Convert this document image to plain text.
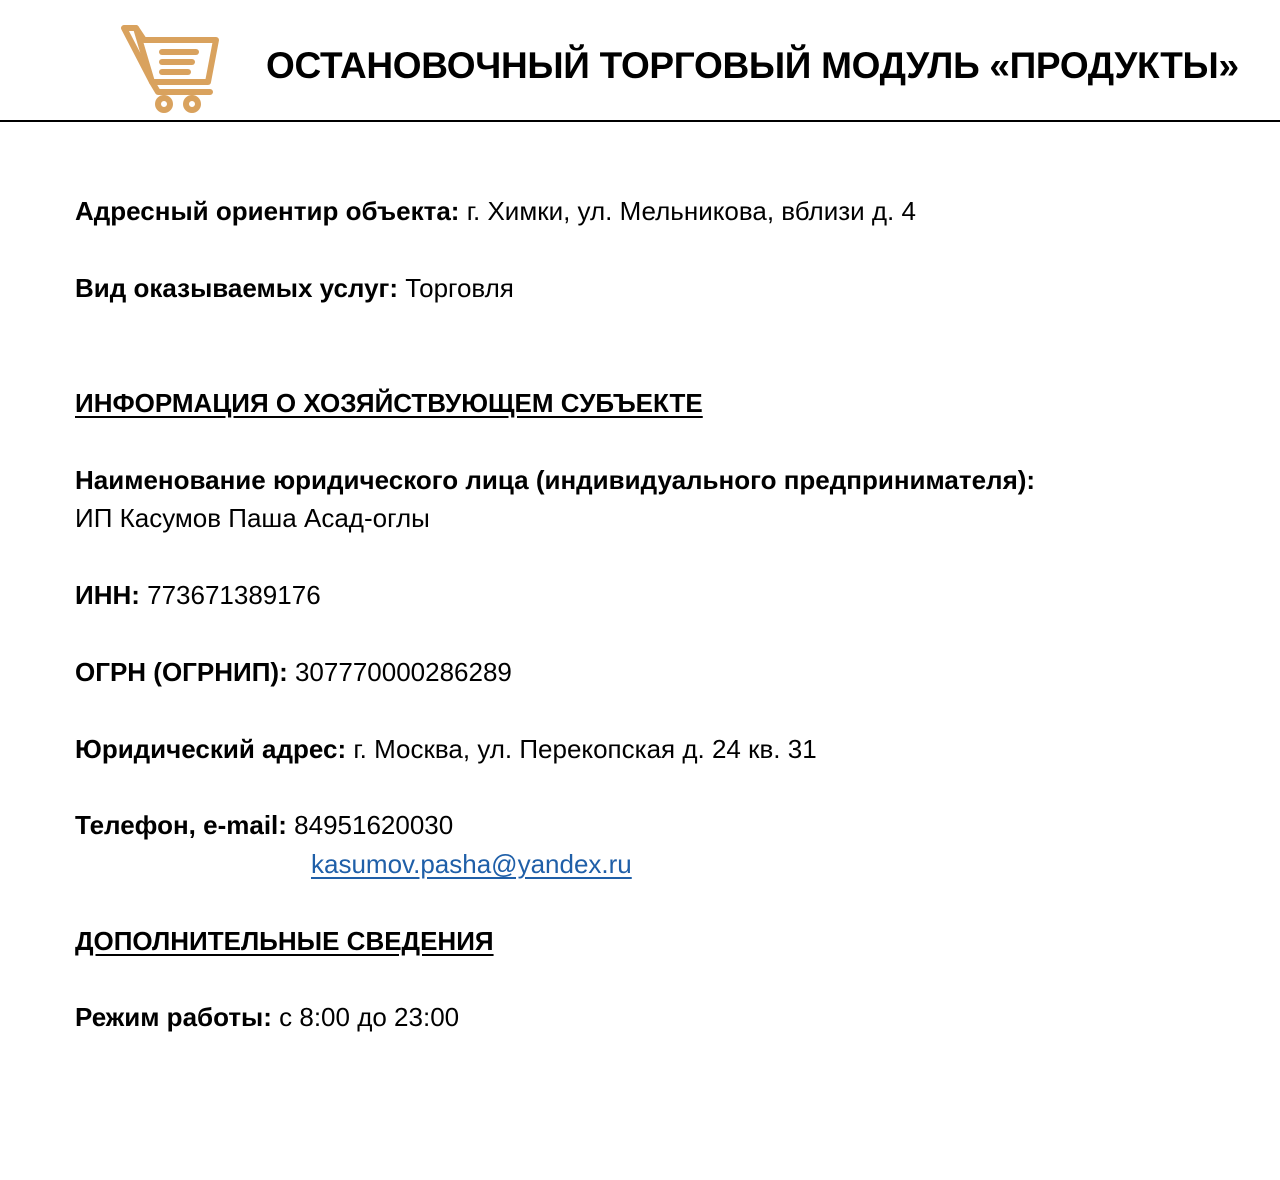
ОСТАНОВОЧНЫЙ ТОРГОВЫЙ МОДУЛЬ «ПРОДУКТЫ»
Адресный ориентир объекта: г. Химки, ул. Мельникова, вблизи д. 4
Вид оказываемых услуг: Торговля
ИНФОРМАЦИЯ О ХОЗЯЙСТВУЮЩЕМ СУБЪЕКТЕ
Наименование юридического лица (индивидуального предпринимателя):
ИП Касумов Паша Асад-оглы
ИНН: 773671389176
ОГРН (ОГРНИП): 307770000286289
Юридический адрес: г. Москва, ул. Перекопская д. 24 кв. 31
Телефон, e-mail: 84951620030
kasumov.pasha@yandex.ru
ДОПОЛНИТЕЛЬНЫЕ СВЕДЕНИЯ
Режим работы: с 8:00 до 23:00
